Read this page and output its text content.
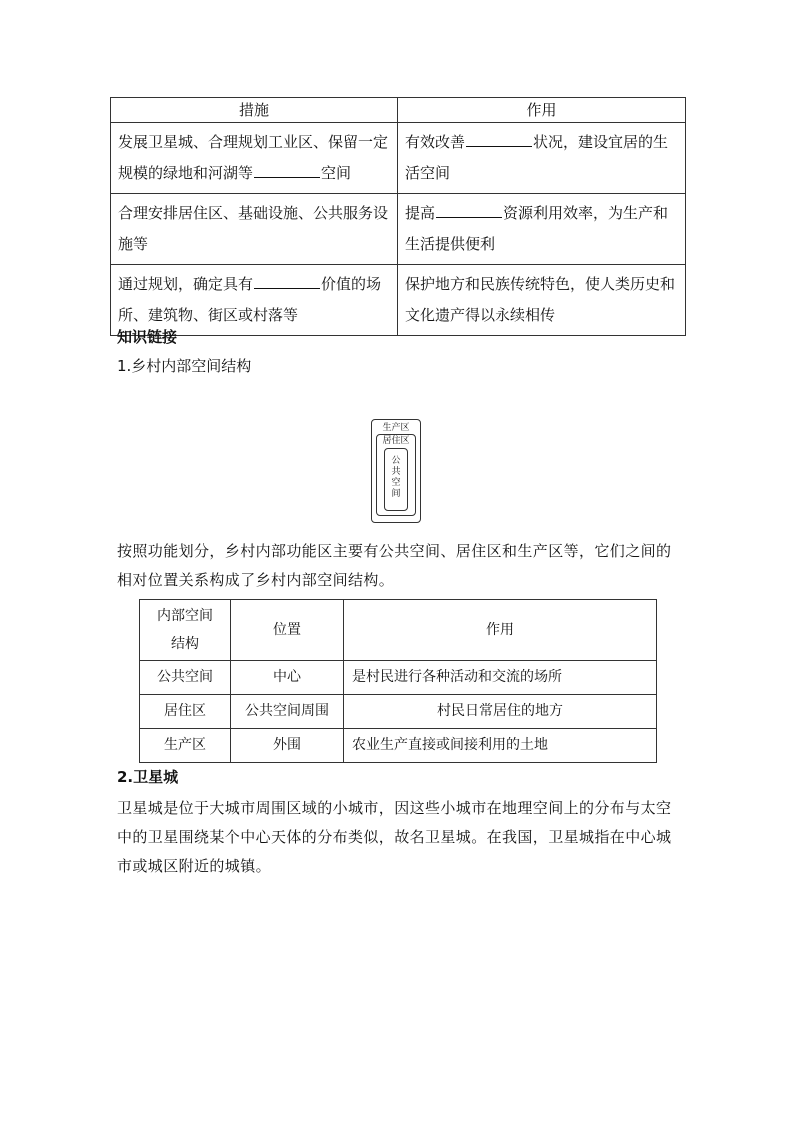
措施	作用
发展卫星城、合理规划工业区、保留一定规模的绿地和河湖等 空间	有效改善 状况，建设宜居的生活空间
合理安排居住区、基础设施、公共服务设施等	提高 资源利用效率，为生产和生活提供便利
通过规划，确定具有 价值的场所、建筑物、街区或村落等	保护地方和民族传统特色，使人类历史和文化遗产得以永续相传
知识链接
1.乡村内部空间结构
生产区
居住区
公
共
空
间
按照功能划分，乡村内部功能区主要有公共空间、居住区和生产区等，它们之间的相对位置关系构成了乡村内部空间结构。
内部空间
结构	位置	作用
公共空间	中心	是村民进行各种活动和交流的场所
居住区	公共空间周围	村民日常居住的地方
生产区	外围	农业生产直接或间接利用的土地
2.卫星城
卫星城是位于大城市周围区域的小城市，因这些小城市在地理空间上的分布与太空中的卫星围绕某个中心天体的分布类似，故名卫星城。在我国，卫星城指在中心城市或城区附近的城镇。
